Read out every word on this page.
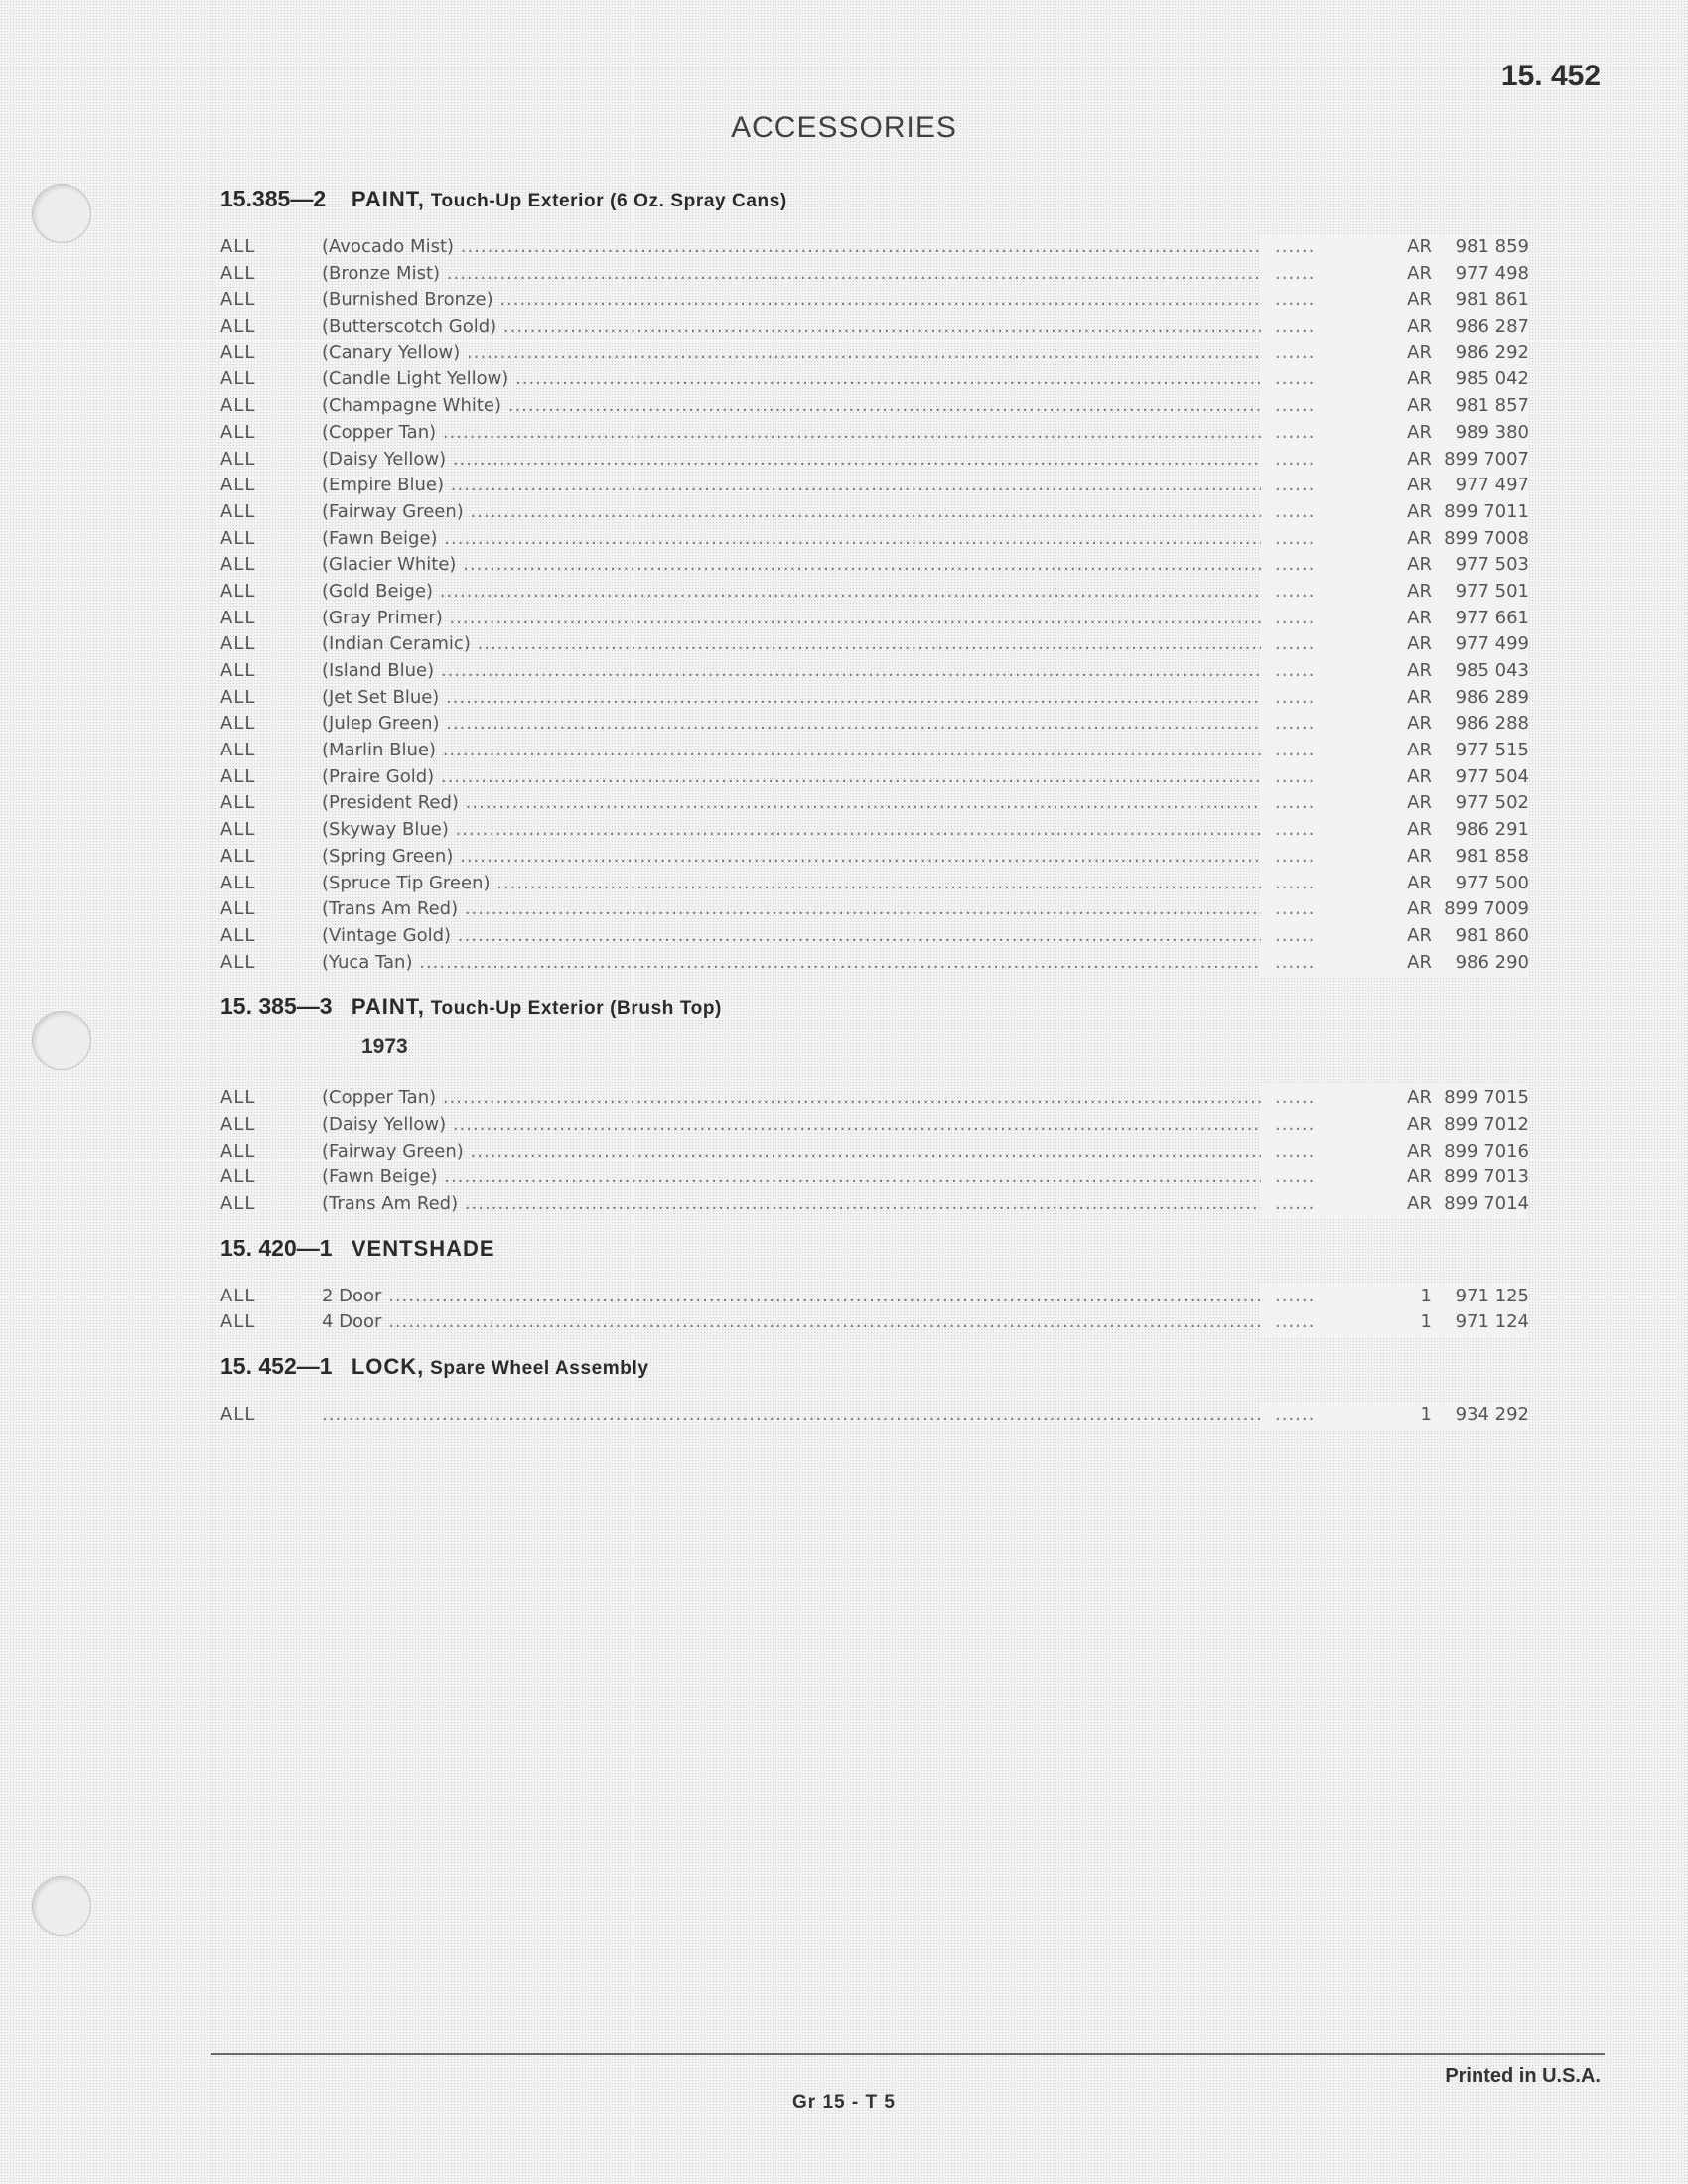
15. 452
ACCESSORIES
15.385—2 PAINT, Touch-Up Exterior (6 Oz. Spray Cans)
ALL	(Avocado Mist) .....	......	AR	981 859
ALL	(Bronze Mist) .....	......	AR	977 498
ALL	(Burnished Bronze) .....	......	AR	981 861
ALL	(Butterscotch Gold) .....	......	AR	986 287
ALL	(Canary Yellow) .....	......	AR	986 292
ALL	(Candle Light Yellow) .....	......	AR	985 042
ALL	(Champagne White) .....	......	AR	981 857
ALL	(Copper Tan) .....	......	AR	989 380
ALL	(Daisy Yellow) .....	......	AR 899 7007
ALL	(Empire Blue) .....	......	AR	977 497
ALL	(Fairway Green) .....	......	AR 899 7011
ALL	(Fawn Beige) .....	......	AR 899 7008
ALL	(Glacier White) .....	......	AR	977 503
ALL	(Gold Beige) .....	......	AR	977 501
ALL	(Gray Primer) .....	......	AR	977 661
ALL	(Indian Ceramic) .....	......	AR	977 499
ALL	(Island Blue) .....	......	AR	985 043
ALL	(Jet Set Blue) .....	......	AR	986 289
ALL	(Julep Green) .....	......	AR	986 288
ALL	(Marlin Blue) .....	......	AR	977 515
ALL	(Praire Gold) .....	......	AR	977 504
ALL	(President Red) .....	......	AR	977 502
ALL	(Skyway Blue) .....	......	AR	986 291
ALL	(Spring Green) .....	......	AR	981 858
ALL	(Spruce Tip Green) .....	......	AR	977 500
ALL	(Trans Am Red) .....	......	AR 899 7009
ALL	(Vintage Gold) .....	......	AR	981 860
ALL	(Yuca Tan) .....	......	AR	986 290
15. 385—3 PAINT, Touch-Up Exterior (Brush Top)
1973
ALL	(Copper Tan) .....	......	AR 899 7015
ALL	(Daisy Yellow) .....	......	AR 899 7012
ALL	(Fairway Green) .....	......	AR 899 7016
ALL	(Fawn Beige) .....	......	AR 899 7013
ALL	(Trans Am Red) .....	......	AR 899 7014
15. 420—1 VENTSHADE
ALL	2 Door .....	......	1	971 125
ALL	4 Door .....	......	1	971 124
15. 452—1 LOCK, Spare Wheel Assembly
ALL
.....	......	1	934 292
Printed in U.S.A.
Gr 15 - T 5
